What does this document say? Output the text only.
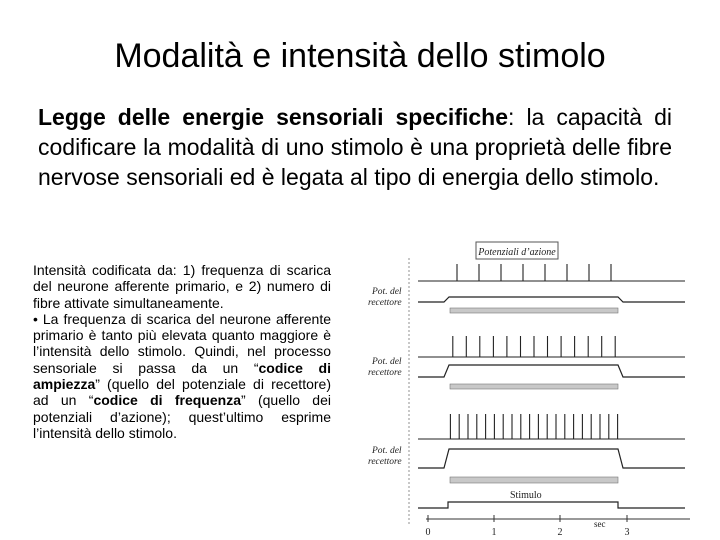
Modalità e intensità dello stimolo
Legge delle energie sensoriali specifiche: la capacità di codificare la modalità di uno stimolo è una proprietà delle fibre nervose sensoriali ed è legata al tipo di energia dello stimolo.
Intensità codificata da: 1) frequenza di scarica del neurone afferente primario, e 2) numero di fibre attivate simultaneamente.
• La frequenza di scarica del neurone afferente primario è tanto più elevata quanto maggiore è l’intensità dello stimolo. Quindi, nel processo sensoriale si passa da un “codice di ampiezza” (quello del potenziale di recettore) ad un “codice di frequenza” (quello dei potenziali d’azione); quest’ultimo esprime l’intensità dello stimolo.
Potenziali d’azione
Pot. del
recettore
Pot. del
recettore
Pot. del
recettore
Stimulo
0	1	2	3
sec
